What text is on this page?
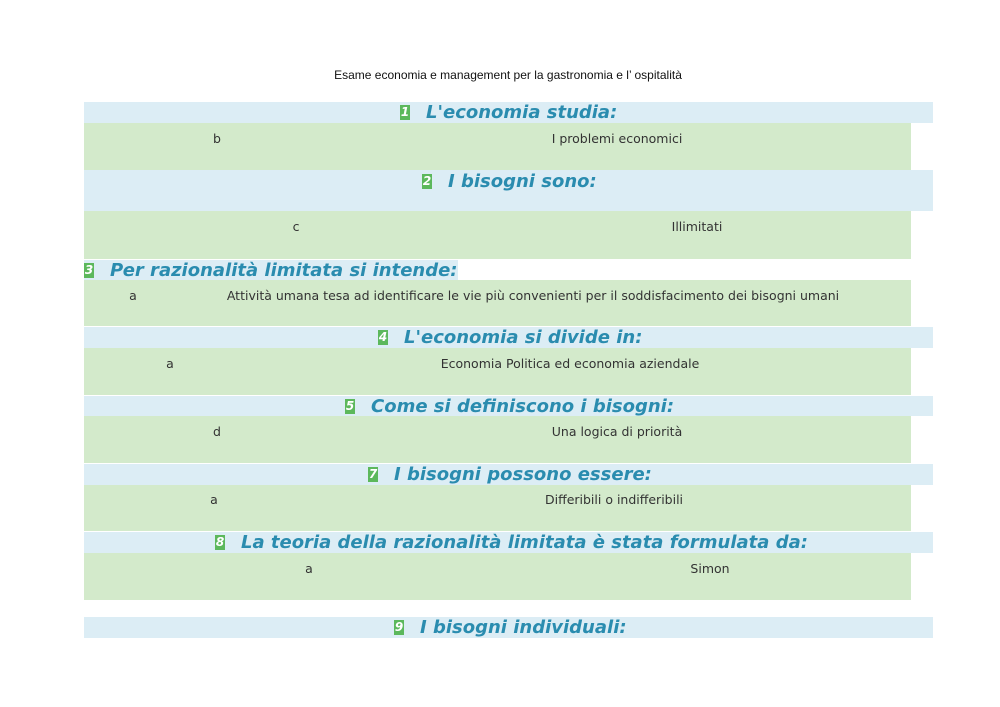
Esame economia e management per la gastronomia e l’ ospitalità
1 L'economia studia:
b	I problemi economici
2 I bisogni sono:
c	Illimitati
3 Per razionalità limitata si intende:
a	Attività umana tesa ad identificare le vie più convenienti per il soddisfacimento dei bisogni umani
4 L'economia si divide in:
a	Economia Politica ed economia aziendale
5 Come si definiscono i bisogni:
d	Una logica di priorità
7 I bisogni possono essere:
a	Differibili o indifferibili
8 La teoria della razionalità limitata è stata formulata da:
a	Simon
9 I bisogni individuali:
